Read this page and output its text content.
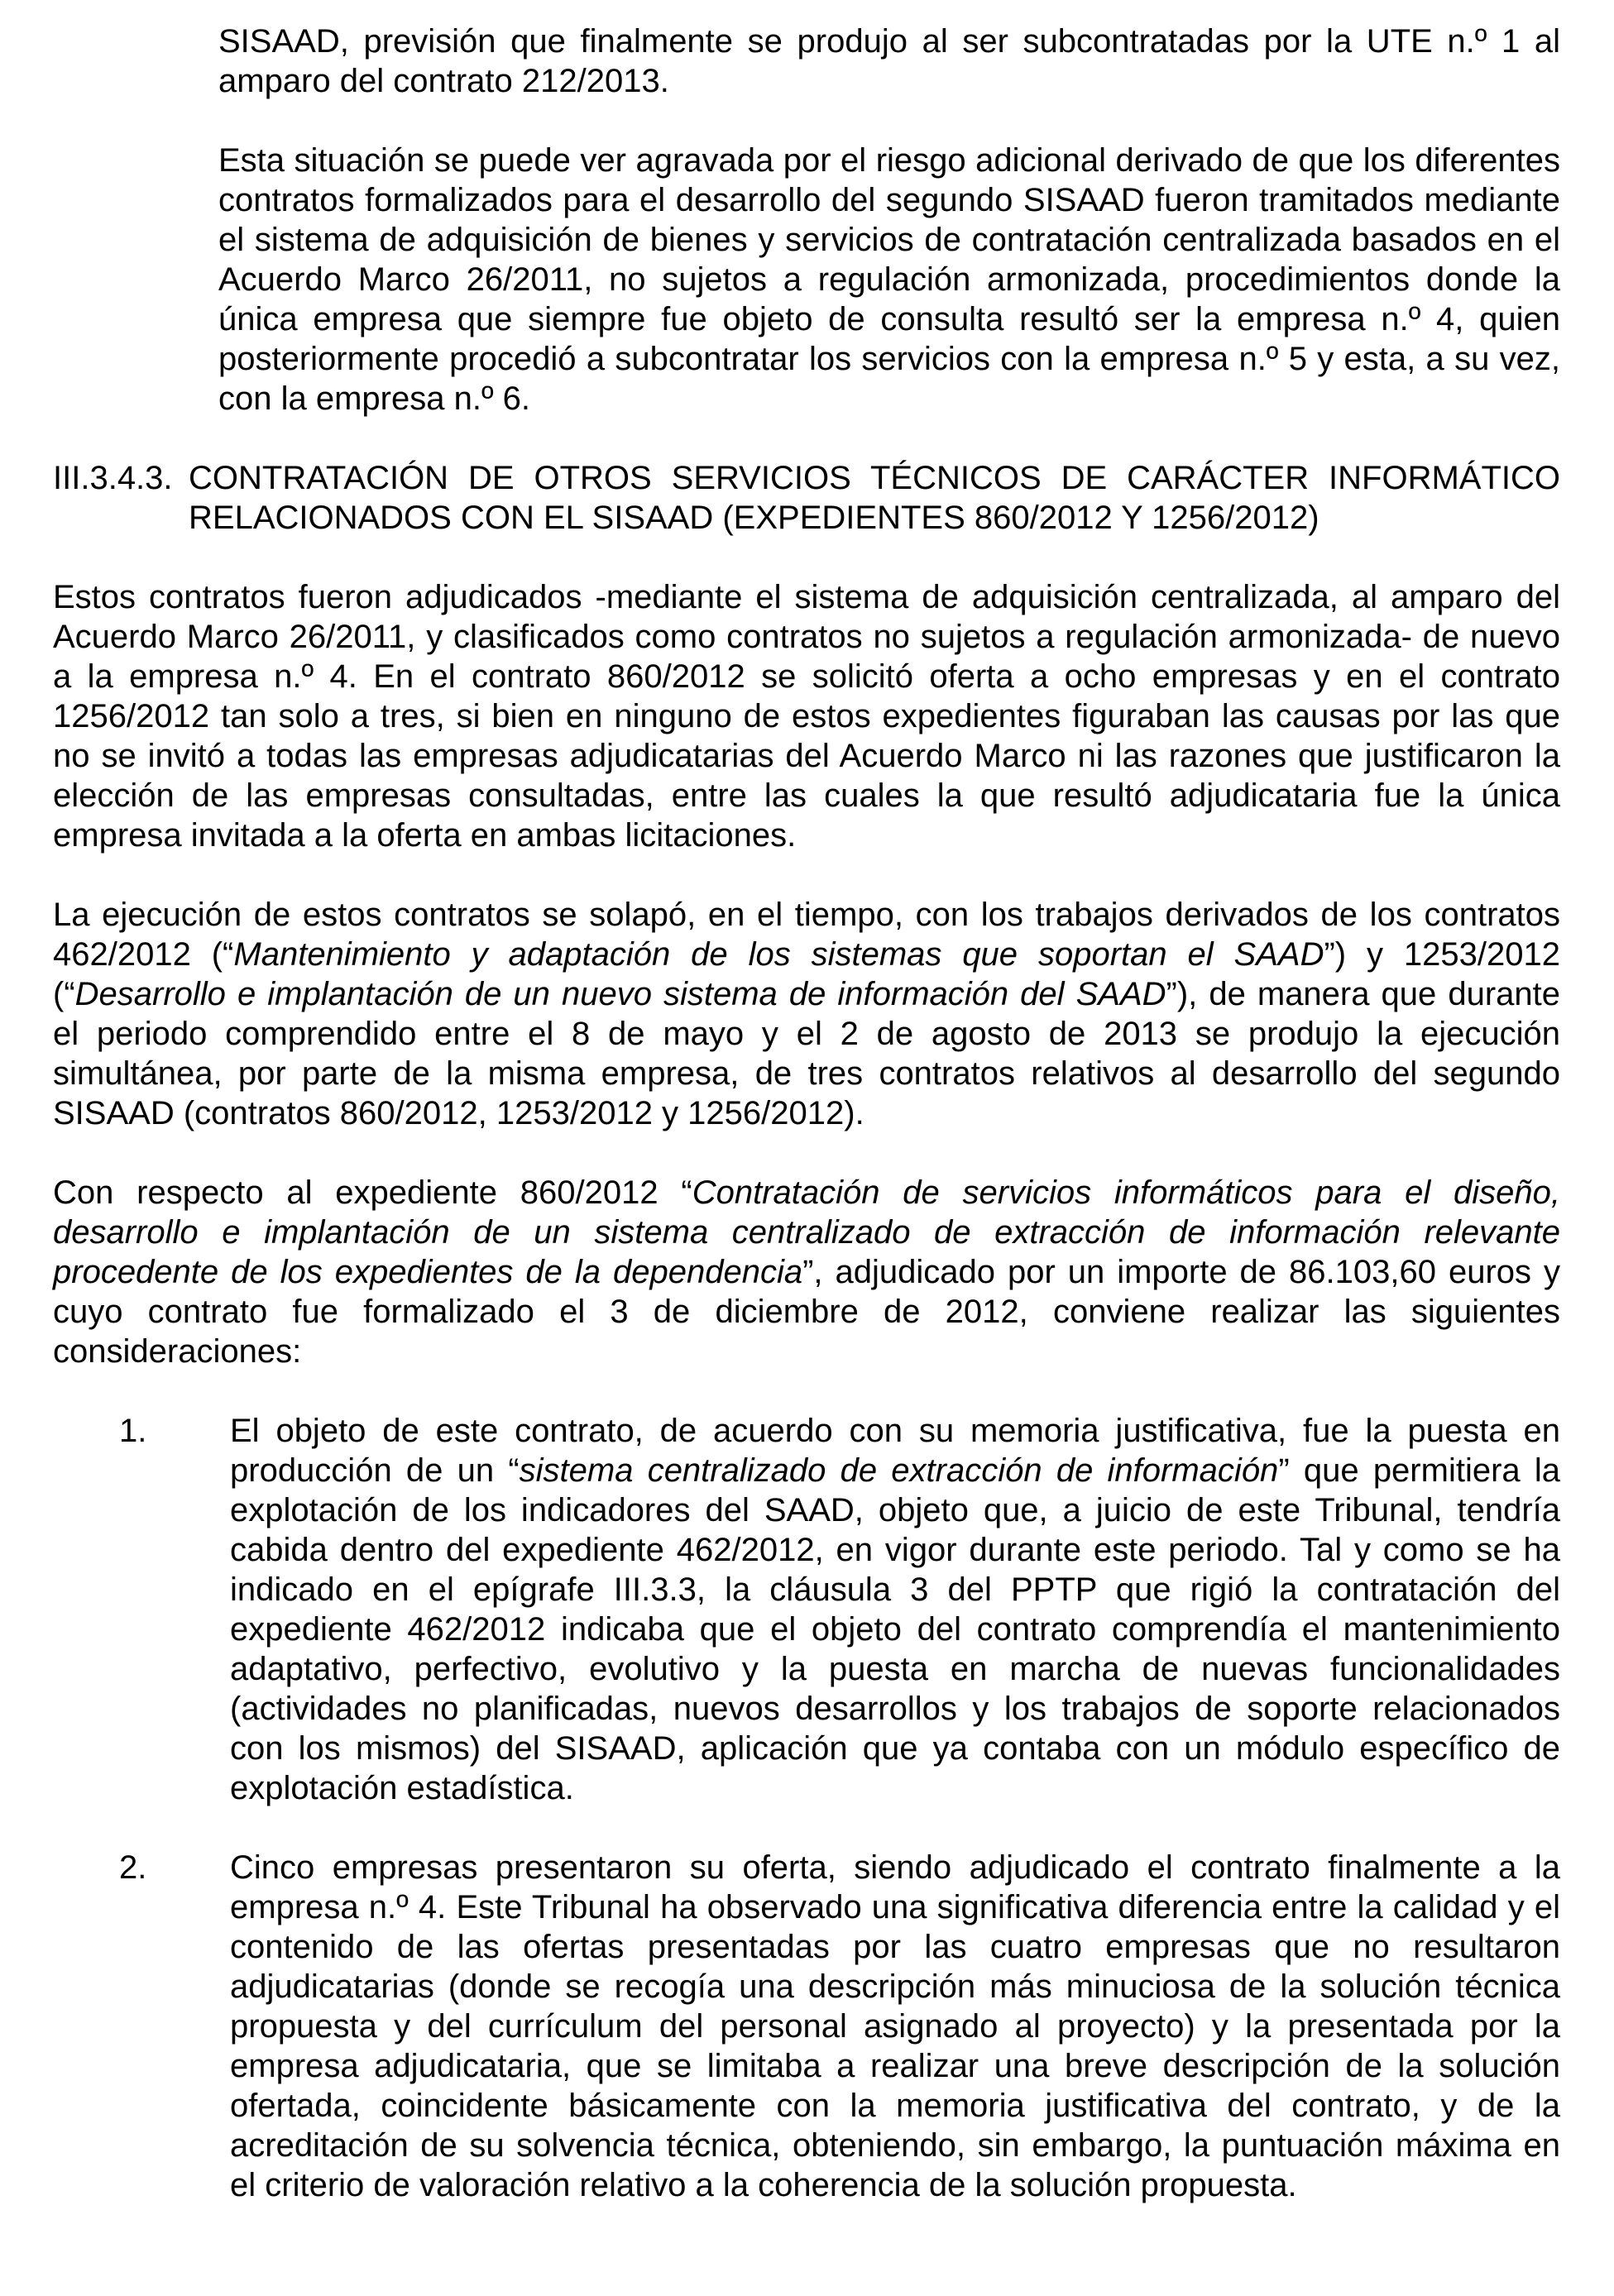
SISAAD, previsión que finalmente se produjo al ser subcontratadas por la UTE n.º 1 al amparo del contrato 212/2013.

Esta situación se puede ver agravada por el riesgo adicional derivado de que los diferentes contratos formalizados para el desarrollo del segundo SISAAD fueron tramitados mediante el sistema de adquisición de bienes y servicios de contratación centralizada basados en el Acuerdo Marco 26/2011, no sujetos a regulación armonizada, procedimientos donde la única empresa que siempre fue objeto de consulta resultó ser la empresa n.º 4, quien posteriormente procedió a subcontratar los servicios con la empresa n.º 5 y esta, a su vez, con la empresa n.º 6.

III.3.4.3. CONTRATACIÓN DE OTROS SERVICIOS TÉCNICOS DE CARÁCTER INFORMÁTICO RELACIONADOS CON EL SISAAD (EXPEDIENTES 860/2012 Y 1256/2012)

Estos contratos fueron adjudicados -mediante el sistema de adquisición centralizada, al amparo del Acuerdo Marco 26/2011, y clasificados como contratos no sujetos a regulación armonizada- de nuevo a la empresa n.º 4. En el contrato 860/2012 se solicitó oferta a ocho empresas y en el contrato 1256/2012 tan solo a tres, si bien en ninguno de estos expedientes figuraban las causas por las que no se invitó a todas las empresas adjudicatarias del Acuerdo Marco ni las razones que justificaron la elección de las empresas consultadas, entre las cuales la que resultó adjudicataria fue la única empresa invitada a la oferta en ambas licitaciones.

La ejecución de estos contratos se solapó, en el tiempo, con los trabajos derivados de los contratos 462/2012 (“Mantenimiento y adaptación de los sistemas que soportan el SAAD”) y 1253/2012 (“Desarrollo e implantación de un nuevo sistema de información del SAAD”), de manera que durante el periodo comprendido entre el 8 de mayo y el 2 de agosto de 2013 se produjo la ejecución simultánea, por parte de la misma empresa, de tres contratos relativos al desarrollo del segundo SISAAD (contratos 860/2012, 1253/2012 y 1256/2012).

Con respecto al expediente 860/2012 “Contratación de servicios informáticos para el diseño, desarrollo e implantación de un sistema centralizado de extracción de información relevante procedente de los expedientes de la dependencia”, adjudicado por un importe de 86.103,60 euros y cuyo contrato fue formalizado el 3 de diciembre de 2012, conviene realizar las siguientes consideraciones:

1.	El objeto de este contrato, de acuerdo con su memoria justificativa, fue la puesta en producción de un “sistema centralizado de extracción de información” que permitiera la explotación de los indicadores del SAAD, objeto que, a juicio de este Tribunal, tendría cabida dentro del expediente 462/2012, en vigor durante este periodo. Tal y como se ha indicado en el epígrafe III.3.3, la cláusula 3 del PPTP que rigió la contratación del expediente 462/2012 indicaba que el objeto del contrato comprendía el mantenimiento adaptativo, perfectivo, evolutivo y la puesta en marcha de nuevas funcionalidades (actividades no planificadas, nuevos desarrollos y los trabajos de soporte relacionados con los mismos) del SISAAD, aplicación que ya contaba con un módulo específico de explotación estadística.

2.	Cinco empresas presentaron su oferta, siendo adjudicado el contrato finalmente a la empresa n.º 4. Este Tribunal ha observado una significativa diferencia entre la calidad y el contenido de las ofertas presentadas por las cuatro empresas que no resultaron adjudicatarias (donde se recogía una descripción más minuciosa de la solución técnica propuesta y del currículum del personal asignado al proyecto) y la presentada por la empresa adjudicataria, que se limitaba a realizar una breve descripción de la solución ofertada, coincidente básicamente con la memoria justificativa del contrato, y de la acreditación de su solvencia técnica, obteniendo, sin embargo, la puntuación máxima en el criterio de valoración relativo a la coherencia de la solución propuesta.
